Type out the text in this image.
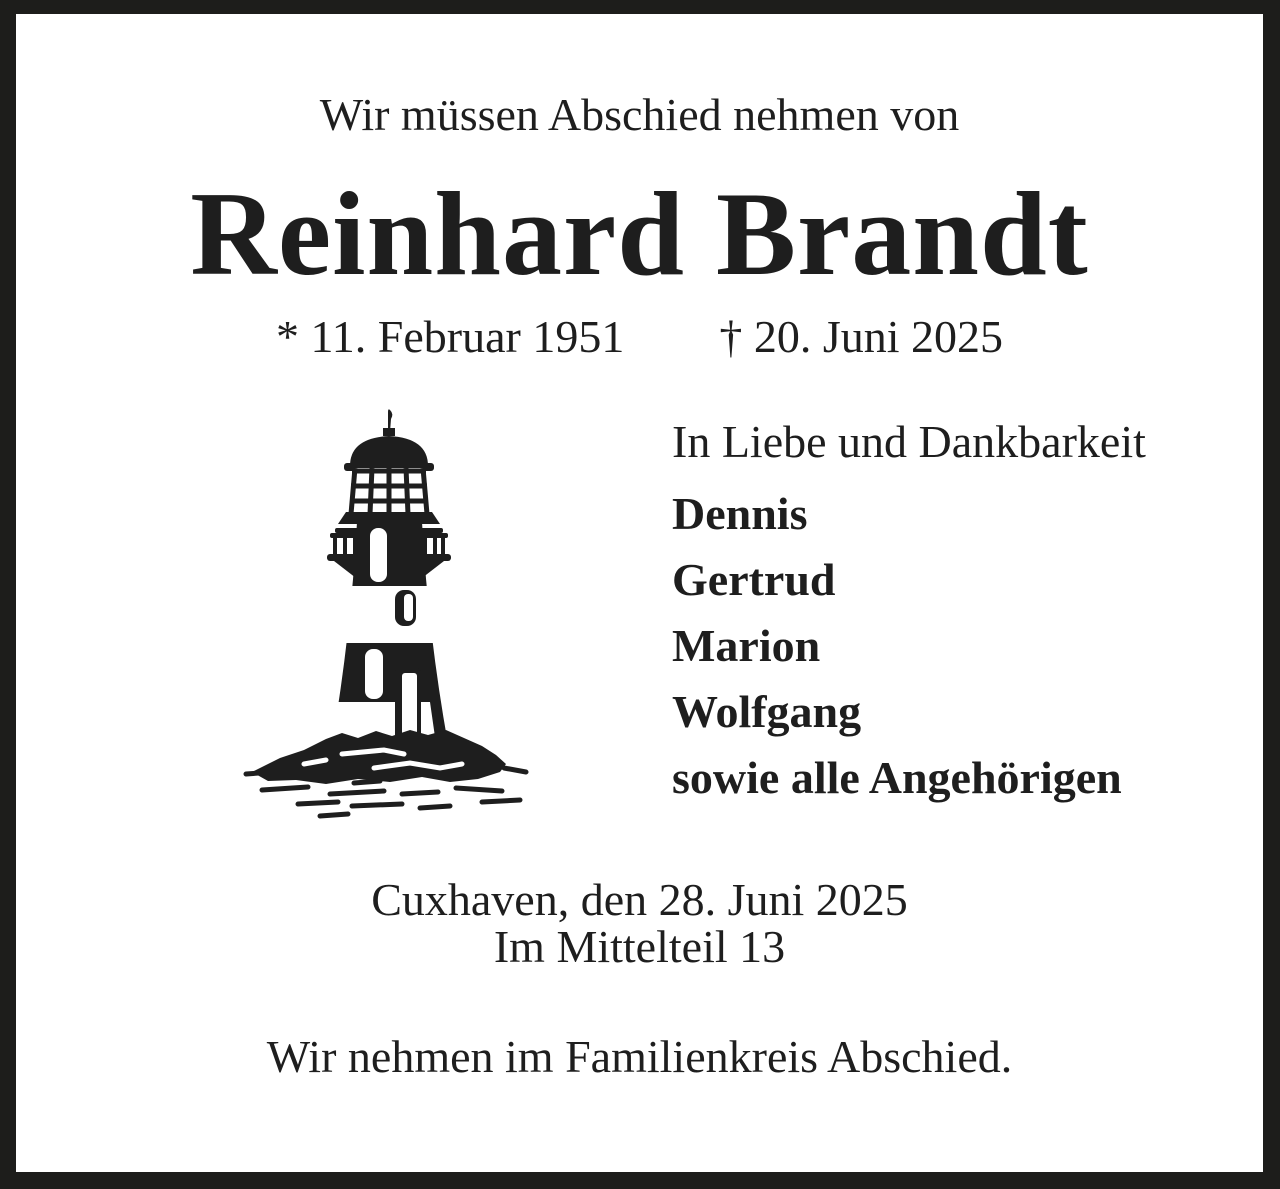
Wir müssen Abschied nehmen von
Reinhard Brandt
* 11. Februar 1951 † 20. Juni 2025
In Liebe und Dankbarkeit
Dennis
Gertrud
Marion
Wolfgang
sowie alle Angehörigen
Cuxhaven, den 28. Juni 2025
Im Mittelteil 13
Wir nehmen im Familienkreis Abschied.
